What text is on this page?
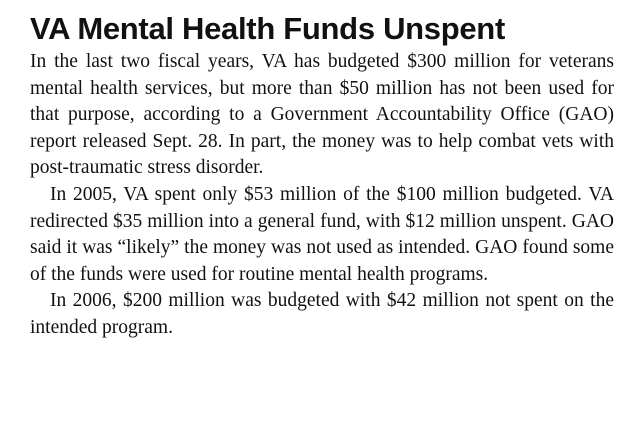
VA Mental Health Funds Unspent

In the last two fiscal years, VA has budgeted $300 million for veterans mental health services, but more than $50 million has not been used for that purpose, according to a Government Accountability Office (GAO) report released Sept. 28. In part, the money was to help combat vets with post-traumatic stress disorder.

In 2005, VA spent only $53 million of the $100 million budgeted. VA redirected $35 million into a general fund, with $12 million unspent. GAO said it was “likely” the money was not used as intended. GAO found some of the funds were used for routine mental health programs.

In 2006, $200 million was budgeted with $42 million not spent on the intended program.
